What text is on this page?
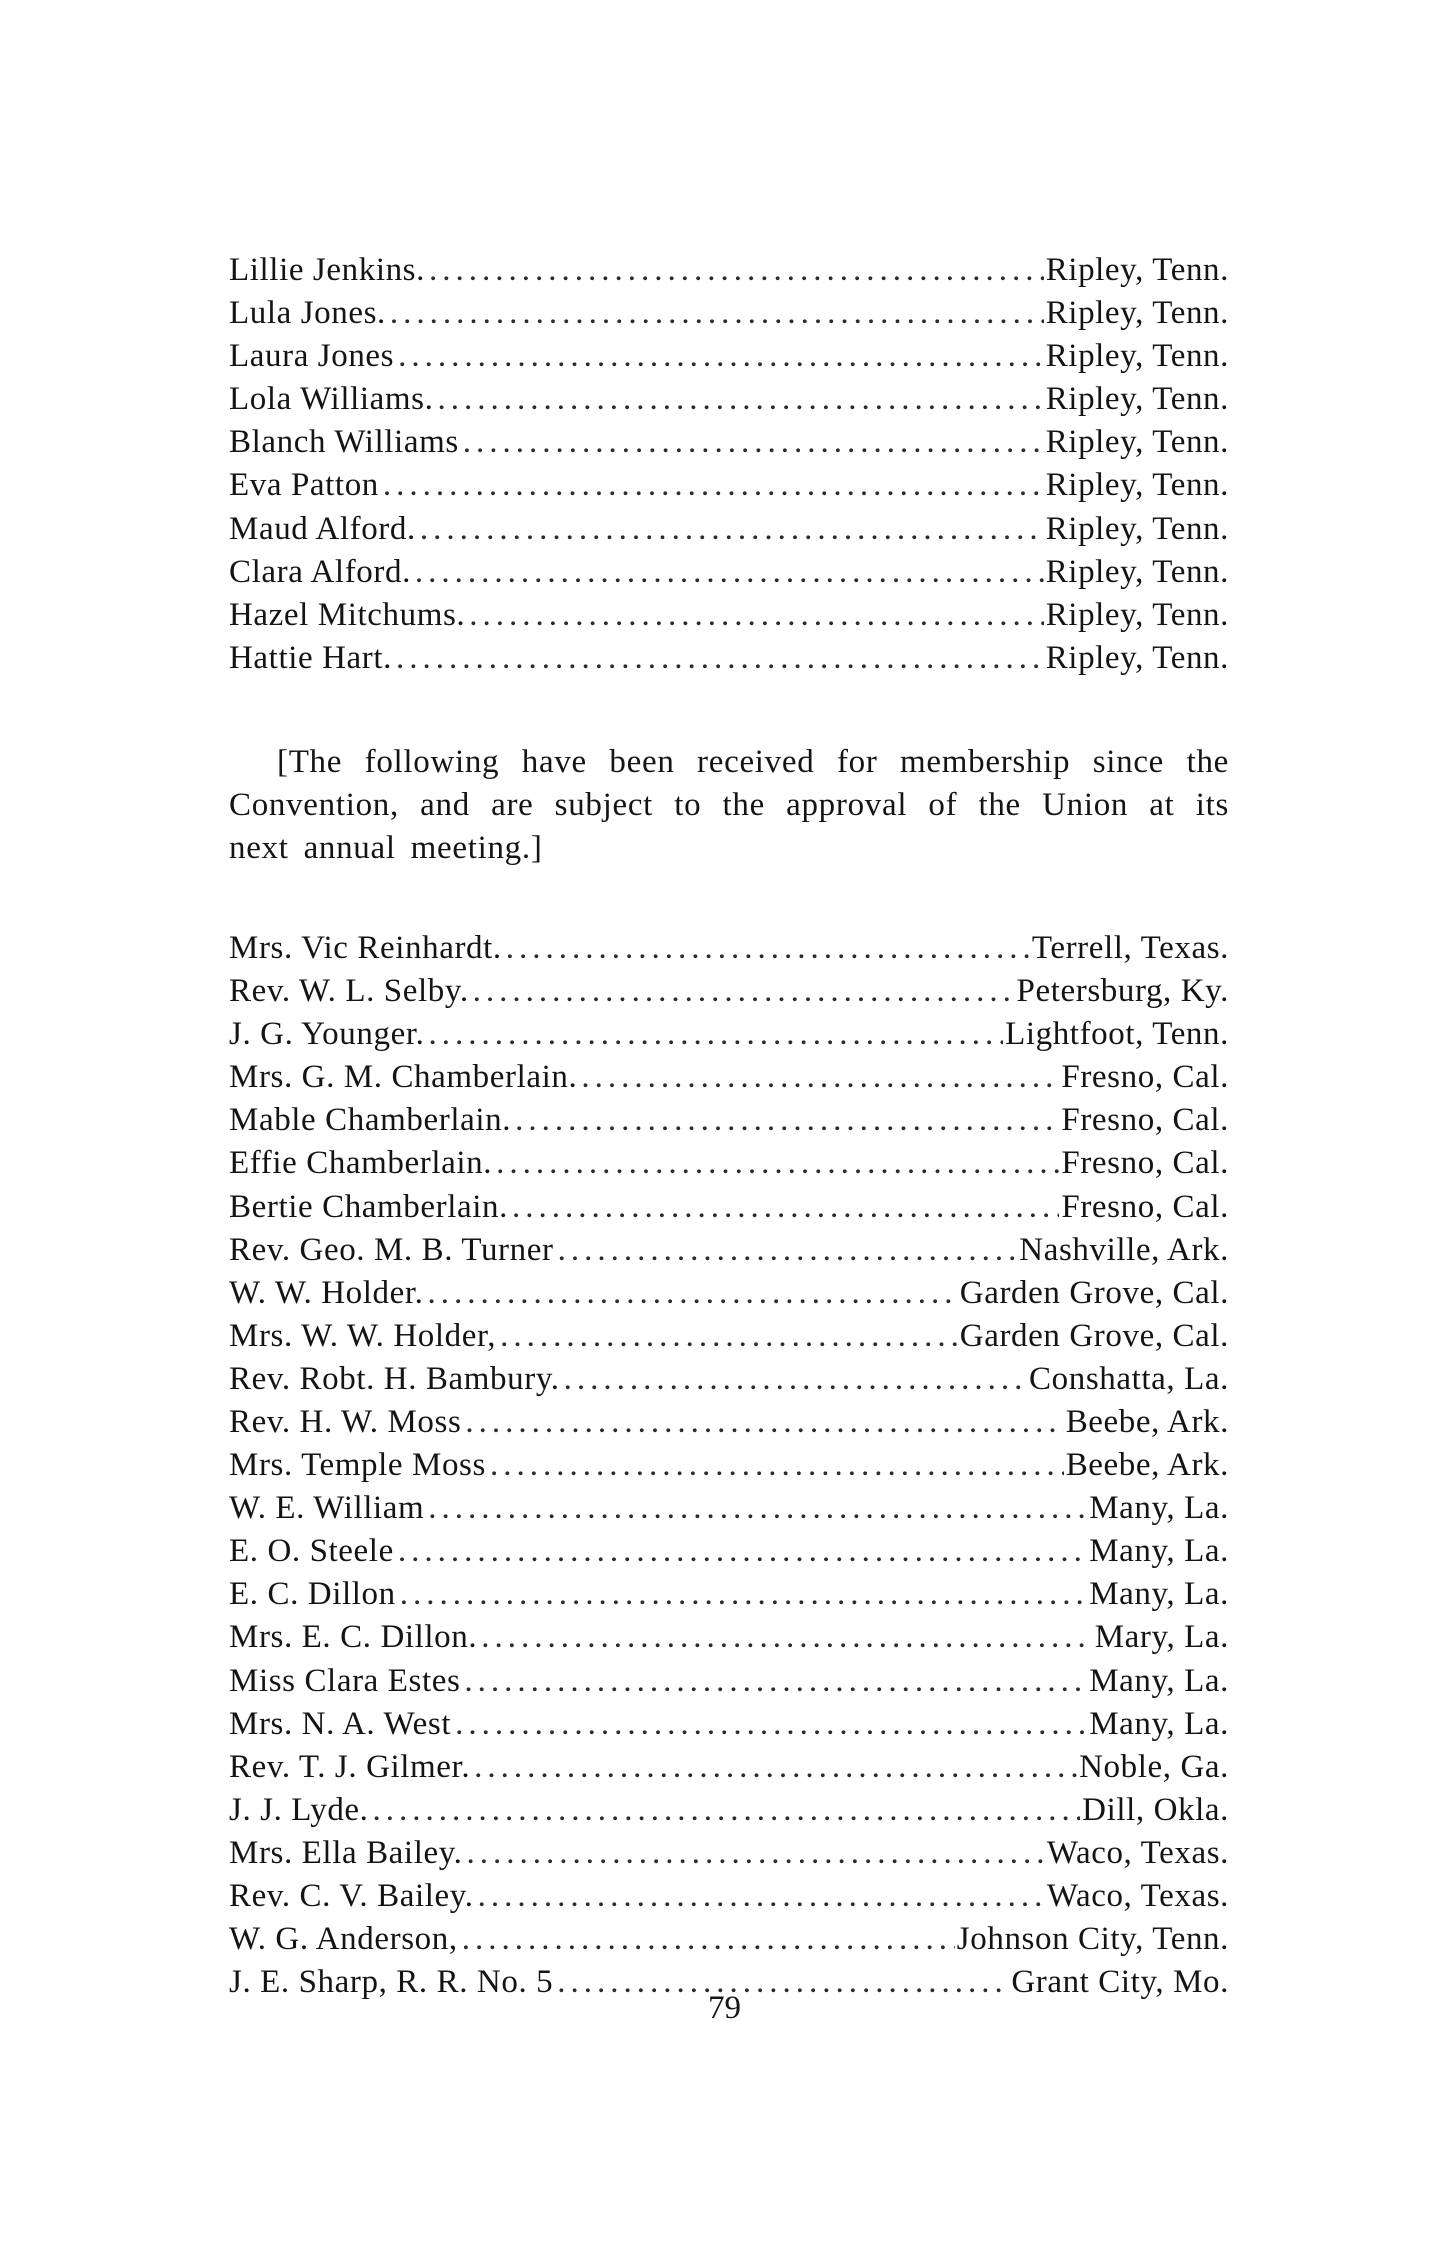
Lillie Jenkins. .....	Ripley, Tenn.
Lula Jones. .....	Ripley, Tenn.
Laura Jones .....	Ripley, Tenn.
Lola Williams. .....	Ripley, Tenn.
Blanch Williams .....	Ripley, Tenn.
Eva Patton .....	Ripley, Tenn.
Maud Alford. .....	Ripley, Tenn.
Clara Alford. .....	Ripley, Tenn.
Hazel Mitchums. .....	Ripley, Tenn.
Hattie Hart. .....	Ripley, Tenn.

[The following have been received for membership since the Convention, and are subject to the approval of the Union at its next annual meeting.]

Mrs. Vic Reinhardt. .....	Terrell, Texas.
Rev. W. L. Selby. .....	Petersburg, Ky.
J. G. Younger. .....	Lightfoot, Tenn.
Mrs. G. M. Chamberlain. .....	Fresno, Cal.
Mable Chamberlain. .....	Fresno, Cal.
Effie Chamberlain. .....	Fresno, Cal.
Bertie Chamberlain. .....	Fresno, Cal.
Rev. Geo. M. B. Turner .....	Nashville, Ark.
W. W. Holder. .....	Garden Grove, Cal.
Mrs. W. W. Holder, .....	Garden Grove, Cal.
Rev. Robt. H. Bambury. .....	Conshatta, La.
Rev. H. W. Moss .....	Beebe, Ark.
Mrs. Temple Moss .....	Beebe, Ark.
W. E. William .....	Many, La.
E. O. Steele .....	Many, La.
E. C. Dillon .....	Many, La.
Mrs. E. C. Dillon. .....	Mary, La.
Miss Clara Estes .....	Many, La.
Mrs. N. A. West .....	Many, La.
Rev. T. J. Gilmer. .....	Noble, Ga.
J. J. Lyde. .....	Dill, Okla.
Mrs. Ella Bailey. .....	Waco, Texas.
Rev. C. V. Bailey. .....	Waco, Texas.
W. G. Anderson, .....	Johnson City, Tenn.
J. E. Sharp, R. R. No. 5 .....	Grant City, Mo.
79
